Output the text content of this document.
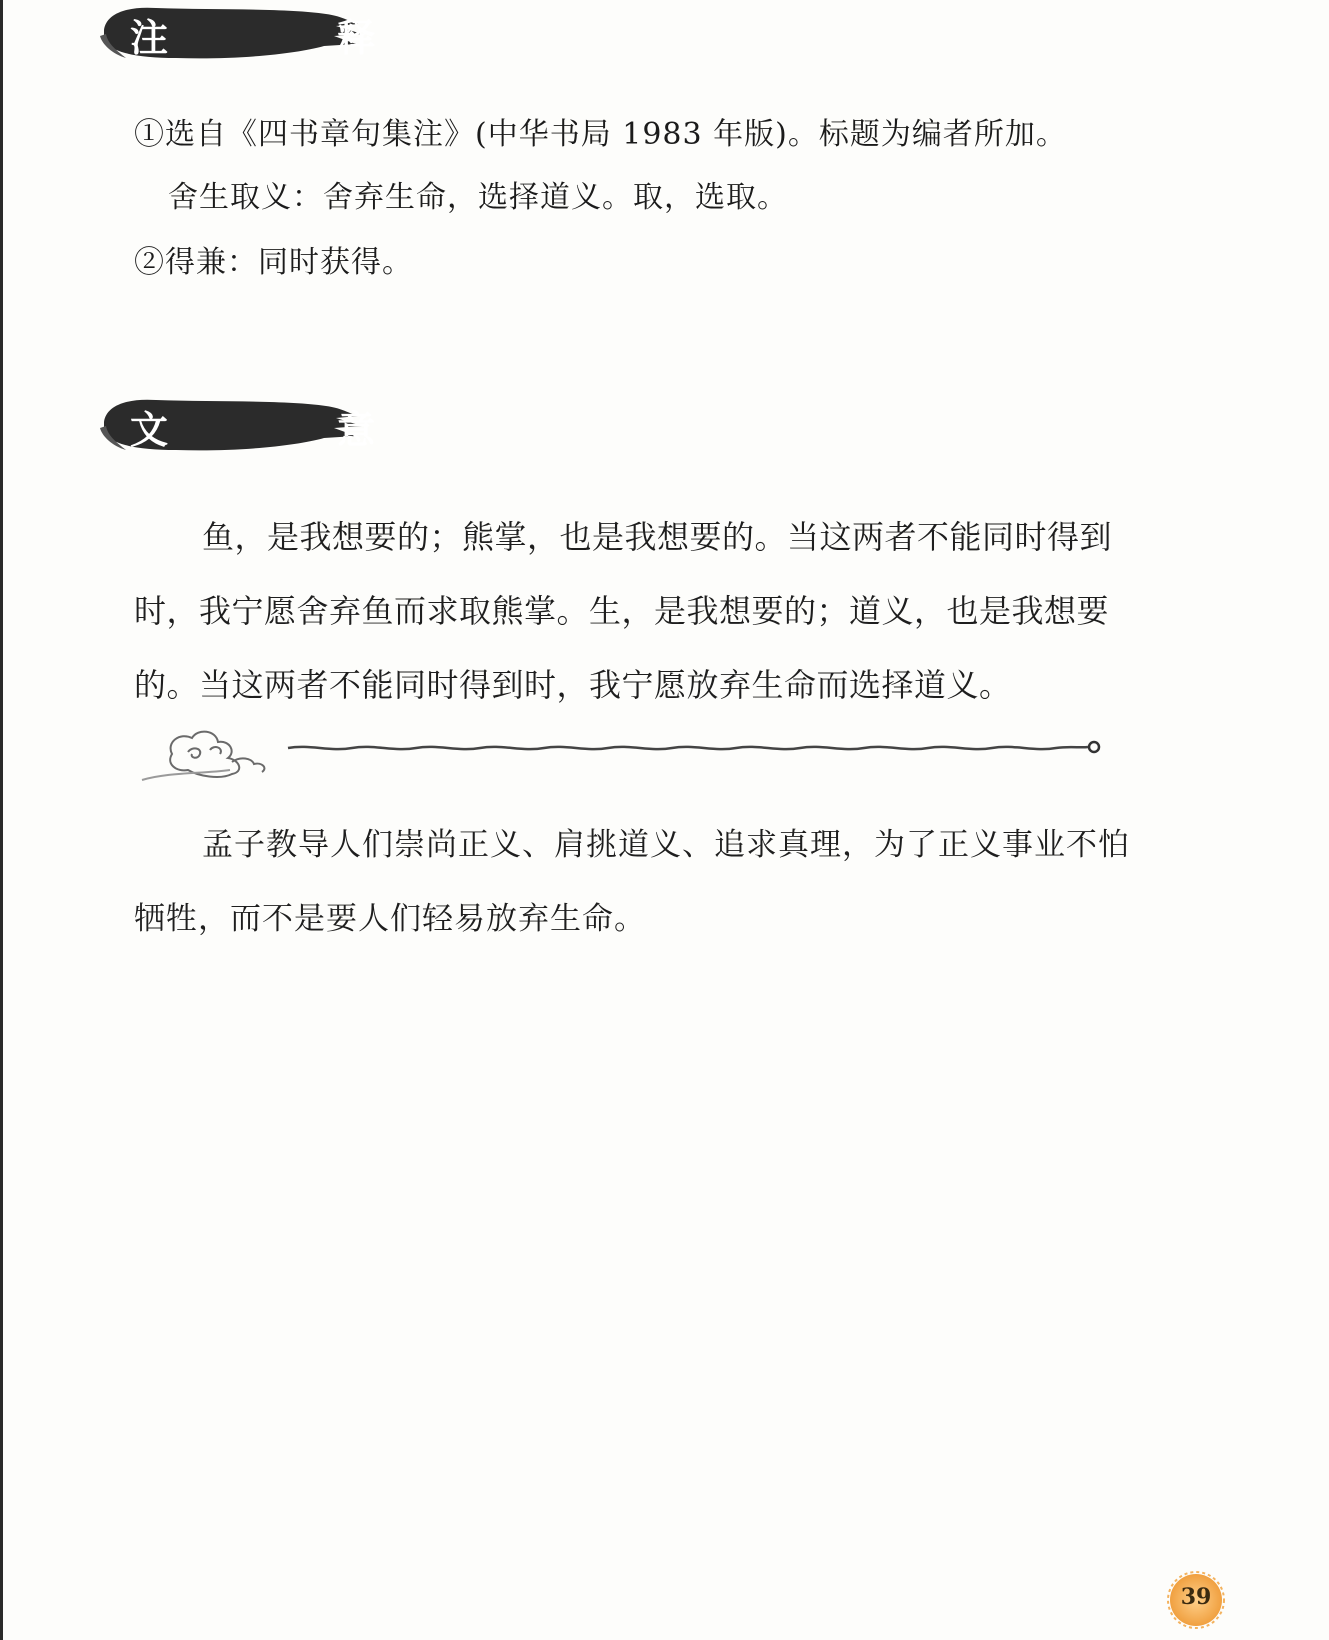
注 释
①选自《四书章句集注》(中华书局 1983 年版)。标题为编者所加。
舍生取义：舍弃生命，选择道义。取，选取。
②得兼：同时获得。
文 意
鱼，是我想要的；熊掌，也是我想要的。当这两者不能同时得到时，我宁愿舍弃鱼而求取熊掌。生，是我想要的；道义，也是我想要的。当这两者不能同时得到时，我宁愿放弃生命而选择道义。
孟子教导人们崇尚正义、肩挑道义、追求真理，为了正义事业不怕牺牲，而不是要人们轻易放弃生命。
39
